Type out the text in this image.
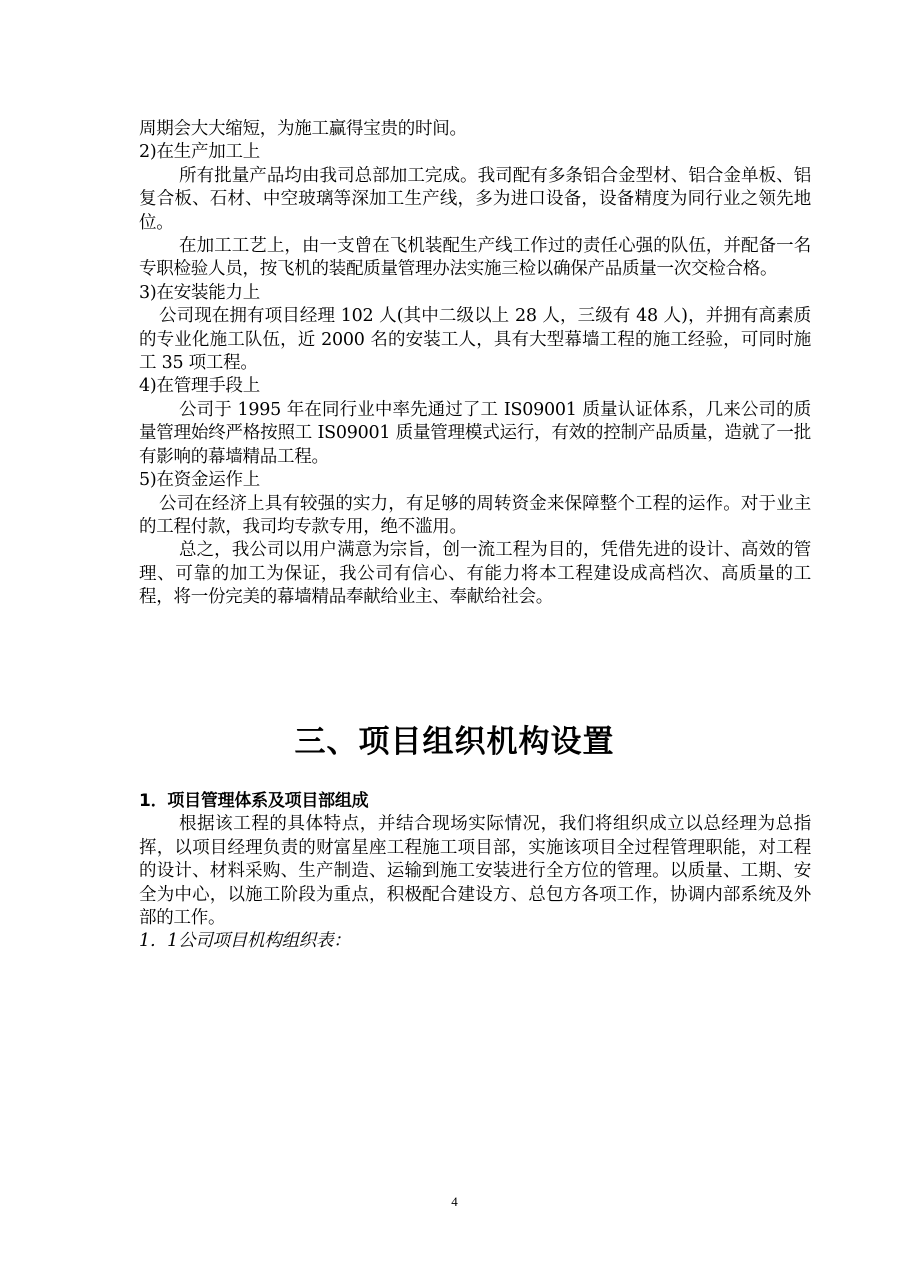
周期会大大缩短，为施工赢得宝贵的时间。

2)在生产加工上

所有批量产品均由我司总部加工完成。我司配有多条铝合金型材、铝合金单板、铝复合板、石材、中空玻璃等深加工生产线，多为进口设备，设备精度为同行业之领先地位。

在加工工艺上，由一支曾在飞机装配生产线工作过的责任心强的队伍，并配备一名专职检验人员，按飞机的装配质量管理办法实施三检以确保产品质量一次交检合格。

3)在安装能力上

公司现在拥有项目经理 102 人(其中二级以上 28 人，三级有 48 人)，并拥有高素质的专业化施工队伍，近 2000 名的安装工人，具有大型幕墙工程的施工经验，可同时施工 35 项工程。

4)在管理手段上

公司于 1995 年在同行业中率先通过了工 IS09001 质量认证体系，几来公司的质量管理始终严格按照工 IS09001 质量管理模式运行，有效的控制产品质量，造就了一批有影响的幕墙精品工程。

5)在资金运作上

公司在经济上具有较强的实力，有足够的周转资金来保障整个工程的运作。对于业主的工程付款，我司均专款专用，绝不滥用。

总之，我公司以用户满意为宗旨，创一流工程为目的，凭借先进的设计、高效的管理、可靠的加工为保证，我公司有信心、有能力将本工程建设成高档次、高质量的工程，将一份完美的幕墙精品奉献给业主、奉献给社会。

三、项目组织机构设置

1．项目管理体系及项目部组成

根据该工程的具体特点，并结合现场实际情况，我们将组织成立以总经理为总指挥，以项目经理负责的财富星座工程施工项目部，实施该项目全过程管理职能，对工程的设计、材料采购、生产制造、运输到施工安装进行全方位的管理。以质量、工期、安全为中心，以施工阶段为重点，积极配合建设方、总包方各项工作，协调内部系统及外部的工作。

1．1公司项目机构组织表：

4
